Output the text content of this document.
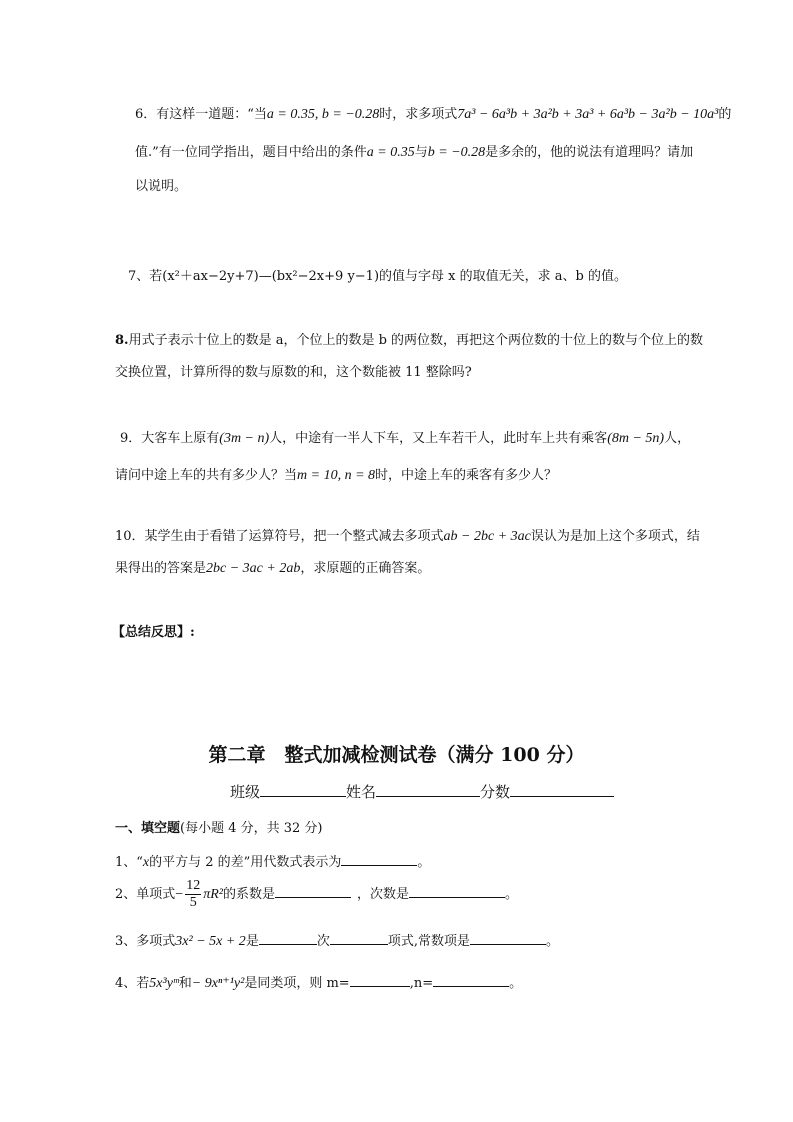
6．有这样一道题：“当a = 0.35, b = −0.28时，求多项式7a³ − 6a³b + 3a²b + 3a³ + 6a³b − 3a²b − 10a³的
值.”有一位同学指出，题目中给出的条件a = 0.35与b = −0.28是多余的，他的说法有道理吗？请加
以说明。
7、若(x²＋ax−2y+7)—(bx²−2x+9 y−1)的值与字母 x 的取值无关，求 a、b 的值。
8.用式子表示十位上的数是 a，个位上的数是 b 的两位数，再把这个两位数的十位上的数与个位上的数
交换位置，计算所得的数与原数的和，这个数能被 11 整除吗?
9．大客车上原有(3m − n)人，中途有一半人下车，又上车若干人，此时车上共有乘客(8m − 5n)人，
请问中途上车的共有多少人？当m = 10, n = 8时，中途上车的乘客有多少人？
10．某学生由于看错了运算符号，把一个整式减去多项式ab − 2bc + 3ac误认为是加上这个多项式，结
果得出的答案是2bc − 3ac + 2ab，求原题的正确答案。
【总结反思】:
第二章　整式加减检测试卷（满分 100 分）
班级	姓名	分数
一、填空题(每小题 4 分，共 32 分)
1、“x的平方与 2 的差”用代数式表示为	。
2、单项式− $\frac{12}{5} \pi R^2$的系数是	，次数是	。
3、多项式3x² − 5x + 2是	次	项式,常数项是	。
4、若5x³yᵐ和− 9xⁿ⁺¹y²是同类项，则 m=	,n=	。
